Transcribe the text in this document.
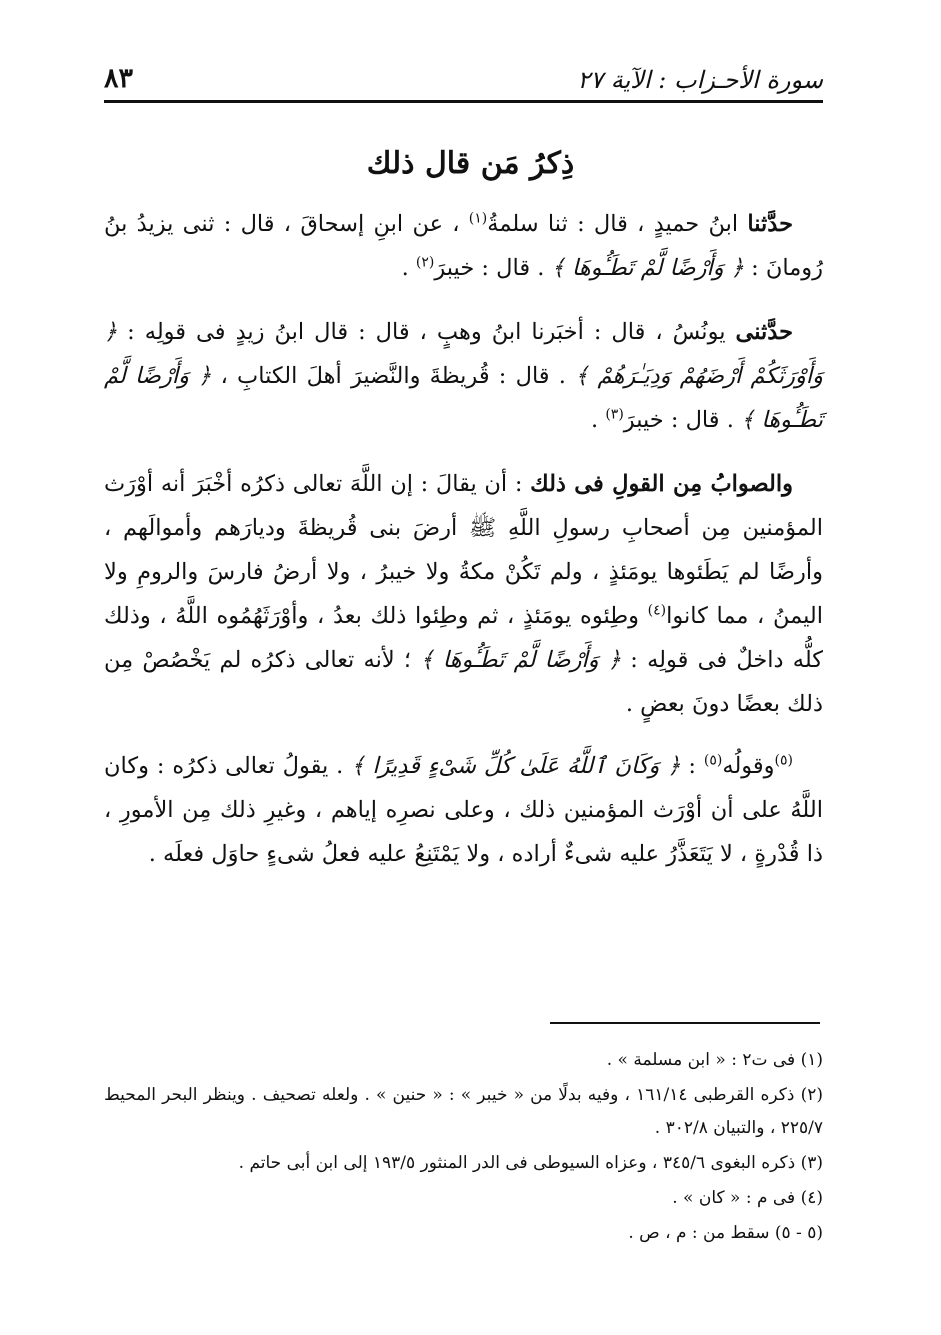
سورة الأحـزاب : الآية ٢٧
٨٣
ذِكرُ مَن قال ذلك

حدَّثنا ابنُ حميدٍ ، قال : ثنا سلمةُ$^{(١)}$ ، عن ابنِ إسحاقَ ، قال : ثنى يزيدُ بنُ رُومانَ : ﴿ وَأَرْضًا لَّمْ تَطَـُٔوهَا ﴾ . قال : خيبرَ$^{(٢)}$ .

حدَّثنى يونُسُ ، قال : أخبَرنا ابنُ وهبٍ ، قال : قال ابنُ زيدٍ فى قولِه : ﴿ وَأَوْرَثَكُمْ أَرْضَهُمْ وَدِيَـٰرَهُمْ ﴾ . قال : قُريظةَ والنَّضيرَ أهلَ الكتابِ ، ﴿ وَأَرْضًا لَّمْ تَطَـُٔوهَا ﴾ . قال : خيبرَ$^{(٣)}$ .

والصوابُ مِن القولِ فى ذلك : أن يقالَ : إن اللَّهَ تعالى ذكرُه أخْبَرَ أنه أوْرَث المؤمنين مِن أصحابِ رسولِ اللَّهِ ﷺ أرضَ بنى قُريظةَ وديارَهم وأموالَهم ، وأرضًا لم يَطَئوها يومَئذٍ ، ولم تَكُنْ مكةُ ولا خيبرُ ، ولا أرضُ فارسَ والرومِ ولا اليمنُ ، مما كانوا$^{(٤)}$ وطِئوه يومَئذٍ ، ثم وطِئوا ذلك بعدُ ، وأوْرَثَهُمُوه اللَّهُ ، وذلك كلُّه داخلٌ فى قولِه : ﴿ وَأَرْضًا لَّمْ تَطَـُٔوهَا ﴾ ؛ لأنه تعالى ذكرُه لم يَخْصُصْ مِن ذلك بعضًا دونَ بعضٍ .

$^{(٥)}$وقولُه$^{(٥)}$ : ﴿ وَكَانَ ٱللَّهُ عَلَىٰ كُلِّ شَىْءٍ قَدِيرًا ﴾ . يقولُ تعالى ذكرُه : وكان اللَّهُ على أن أوْرَث المؤمنين ذلك ، وعلى نصرِه إياهم ، وغيرِ ذلك مِن الأمورِ ، ذا قُدْرةٍ ، لا يَتَعَذَّرُ عليه شىءٌ أراده ، ولا يَمْتَنِعُ عليه فعلُ شىءٍ حاوَل فعلَه .

(١) فى ت٢ : « ابن مسلمة » .

(٢) ذكره القرطبى ١٦١/١٤ ، وفيه بدلًا من « خيبر » : « حنين » . ولعله تصحيف . وينظر البحر المحيط ٢٢٥/٧ ، والتبيان ٣٠٢/٨ .

(٣) ذكره البغوى ٣٤٥/٦ ، وعزاه السيوطى فى الدر المنثور ١٩٣/٥ إلى ابن أبى حاتم .

(٤) فى م : « كان » .

(٥ - ٥) سقط من : م ، ص .
